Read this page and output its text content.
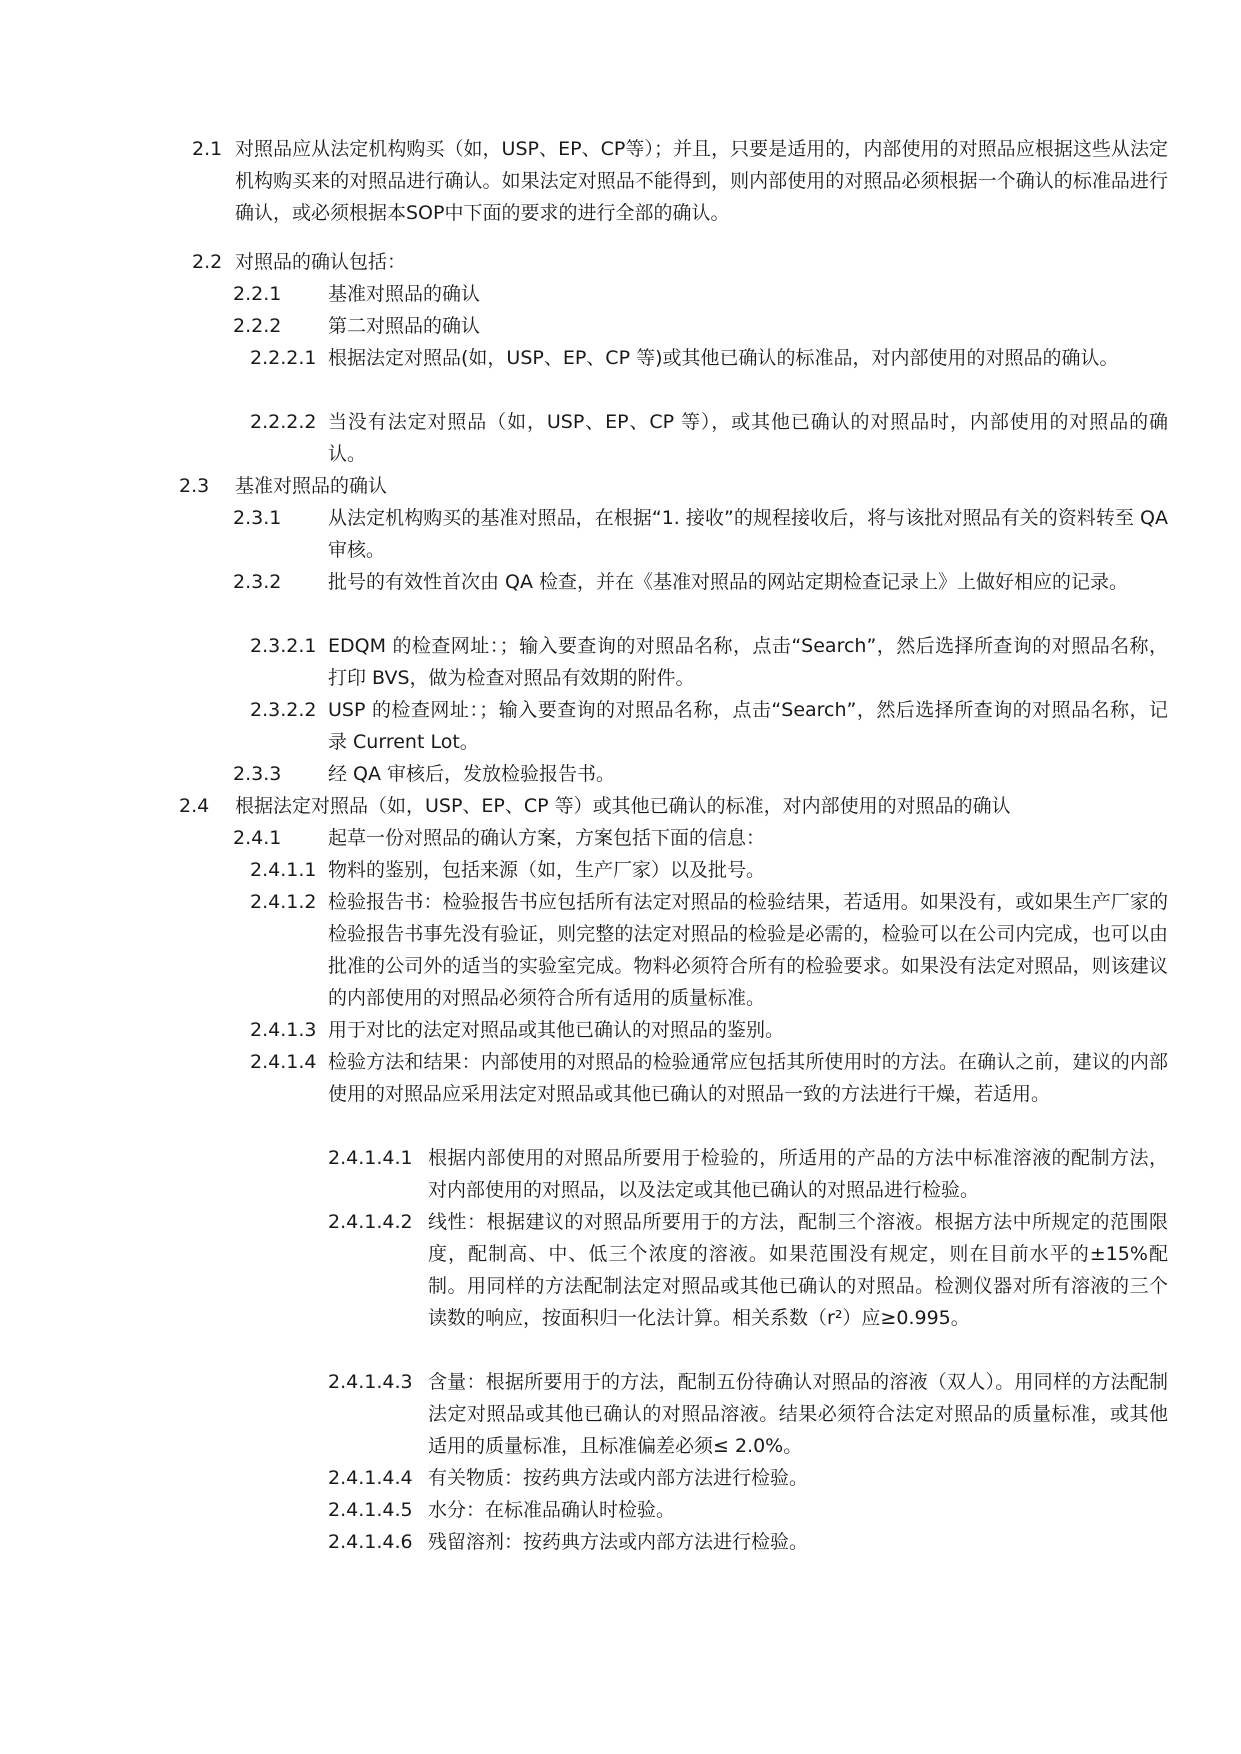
2.1 对照品应从法定机构购买（如，USP、EP、CP等）；并且，只要是适用的，内部使用的对照品应根据这些从法定机构购买来的对照品进行确认。如果法定对照品不能得到，则内部使用的对照品必须根据一个确认的标准品进行确认，或必须根据本SOP中下面的要求的进行全部的确认。
2.2 对照品的确认包括：
2.2.1 基准对照品的确认
2.2.2 第二对照品的确认
2.2.2.1 根据法定对照品(如，USP、EP、CP 等)或其他已确认的标准品，对内部使用的对照品的确认。
2.2.2.2 当没有法定对照品（如，USP、EP、CP 等），或其他已确认的对照品时，内部使用的对照品的确认。
2.3 基准对照品的确认
2.3.1 从法定机构购买的基准对照品，在根据“1. 接收”的规程接收后，将与该批对照品有关的资料转至 QA 审核。
2.3.2 批号的有效性首次由 QA 检查，并在《基准对照品的网站定期检查记录上》上做好相应的记录。
2.3.2.1 EDQM 的检查网址：；输入要查询的对照品名称，点击“Search”，然后选择所查询的对照品名称，打印 BVS，做为检查对照品有效期的附件。
2.3.2.2 USP 的检查网址：；输入要查询的对照品名称，点击“Search”，然后选择所查询的对照品名称，记录 Current Lot。
2.3.3 经 QA 审核后，发放检验报告书。
2.4 根据法定对照品（如，USP、EP、CP 等）或其他已确认的标准，对内部使用的对照品的确认
2.4.1 起草一份对照品的确认方案，方案包括下面的信息：
2.4.1.1 物料的鉴别，包括来源（如，生产厂家）以及批号。
2.4.1.2 检验报告书：检验报告书应包括所有法定对照品的检验结果，若适用。如果没有，或如果生产厂家的检验报告书事先没有验证，则完整的法定对照品的检验是必需的，检验可以在公司内完成，也可以由批准的公司外的适当的实验室完成。物料必须符合所有的检验要求。如果没有法定对照品，则该建议的内部使用的对照品必须符合所有适用的质量标准。
2.4.1.3 用于对比的法定对照品或其他已确认的对照品的鉴别。
2.4.1.4 检验方法和结果：内部使用的对照品的检验通常应包括其所使用时的方法。在确认之前，建议的内部使用的对照品应采用法定对照品或其他已确认的对照品一致的方法进行干燥，若适用。
2.4.1.4.1 根据内部使用的对照品所要用于检验的，所适用的产品的方法中标准溶液的配制方法，对内部使用的对照品，以及法定或其他已确认的对照品进行检验。
2.4.1.4.2 线性：根据建议的对照品所要用于的方法，配制三个溶液。根据方法中所规定的范围限度，配制高、中、低三个浓度的溶液。如果范围没有规定，则在目前水平的±15%配制。用同样的方法配制法定对照品或其他已确认的对照品。检测仪器对所有溶液的三个读数的响应，按面积归一化法计算。相关系数（r²）应≥0.995。
2.4.1.4.3 含量：根据所要用于的方法，配制五份待确认对照品的溶液（双人）。用同样的方法配制法定对照品或其他已确认的对照品溶液。结果必须符合法定对照品的质量标准，或其他适用的质量标准，且标准偏差必须≤ 2.0%。
2.4.1.4.4 有关物质：按药典方法或内部方法进行检验。
2.4.1.4.5 水分：在标准品确认时检验。
2.4.1.4.6 残留溶剂：按药典方法或内部方法进行检验。
